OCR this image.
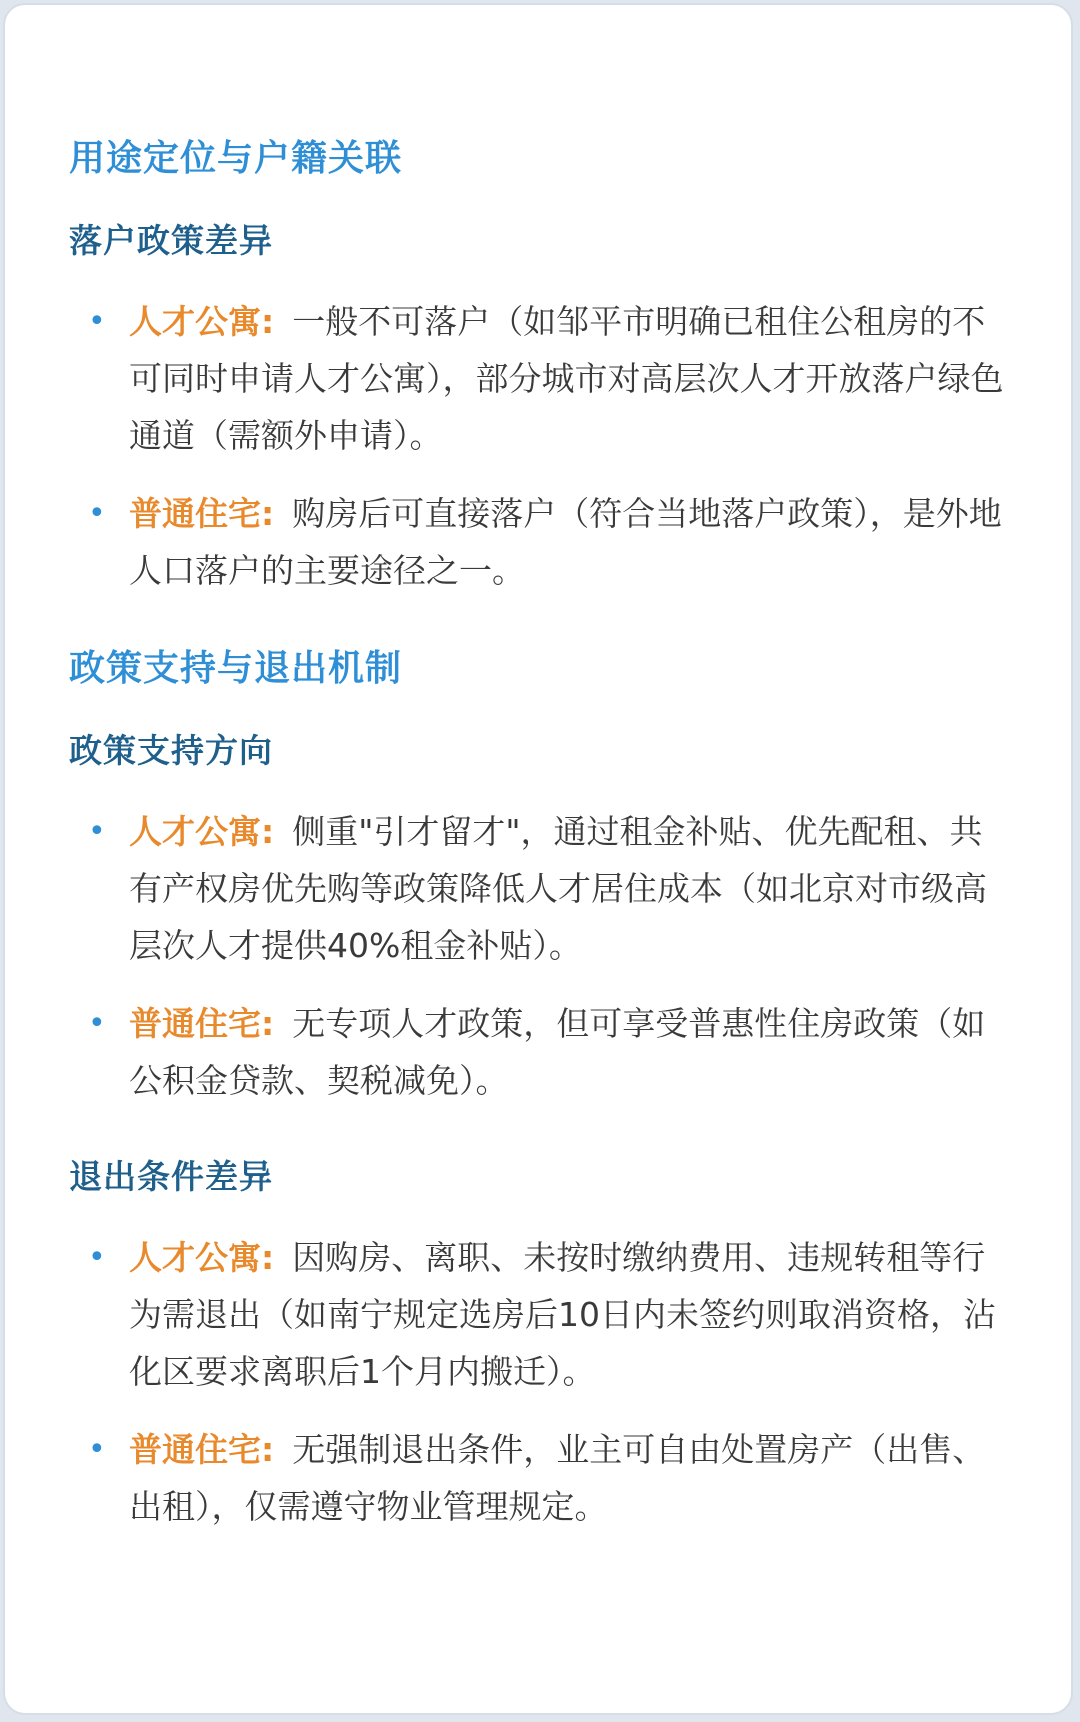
用途定位与户籍关联
落户政策差异
• 人才公寓: 一般不可落户（如邹平市明确已租住公租房的不可同时申请人才公寓），部分城市对高层次人才开放落户绿色通道（需额外申请）。
• 普通住宅: 购房后可直接落户（符合当地落户政策），是外地人口落户的主要途径之一。
政策支持与退出机制
政策支持方向
• 人才公寓: 侧重"引才留才"，通过租金补贴、优先配租、共有产权房优先购等政策降低人才居住成本（如北京对市级高层次人才提供40%租金补贴）。
• 普通住宅: 无专项人才政策，但可享受普惠性住房政策（如公积金贷款、契税减免）。
退出条件差异
• 人才公寓: 因购房、离职、未按时缴纳费用、违规转租等行为需退出（如南宁规定选房后10日内未签约则取消资格，沾化区要求离职后1个月内搬迁）。
• 普通住宅: 无强制退出条件，业主可自由处置房产（出售、出租），仅需遵守物业管理规定。
